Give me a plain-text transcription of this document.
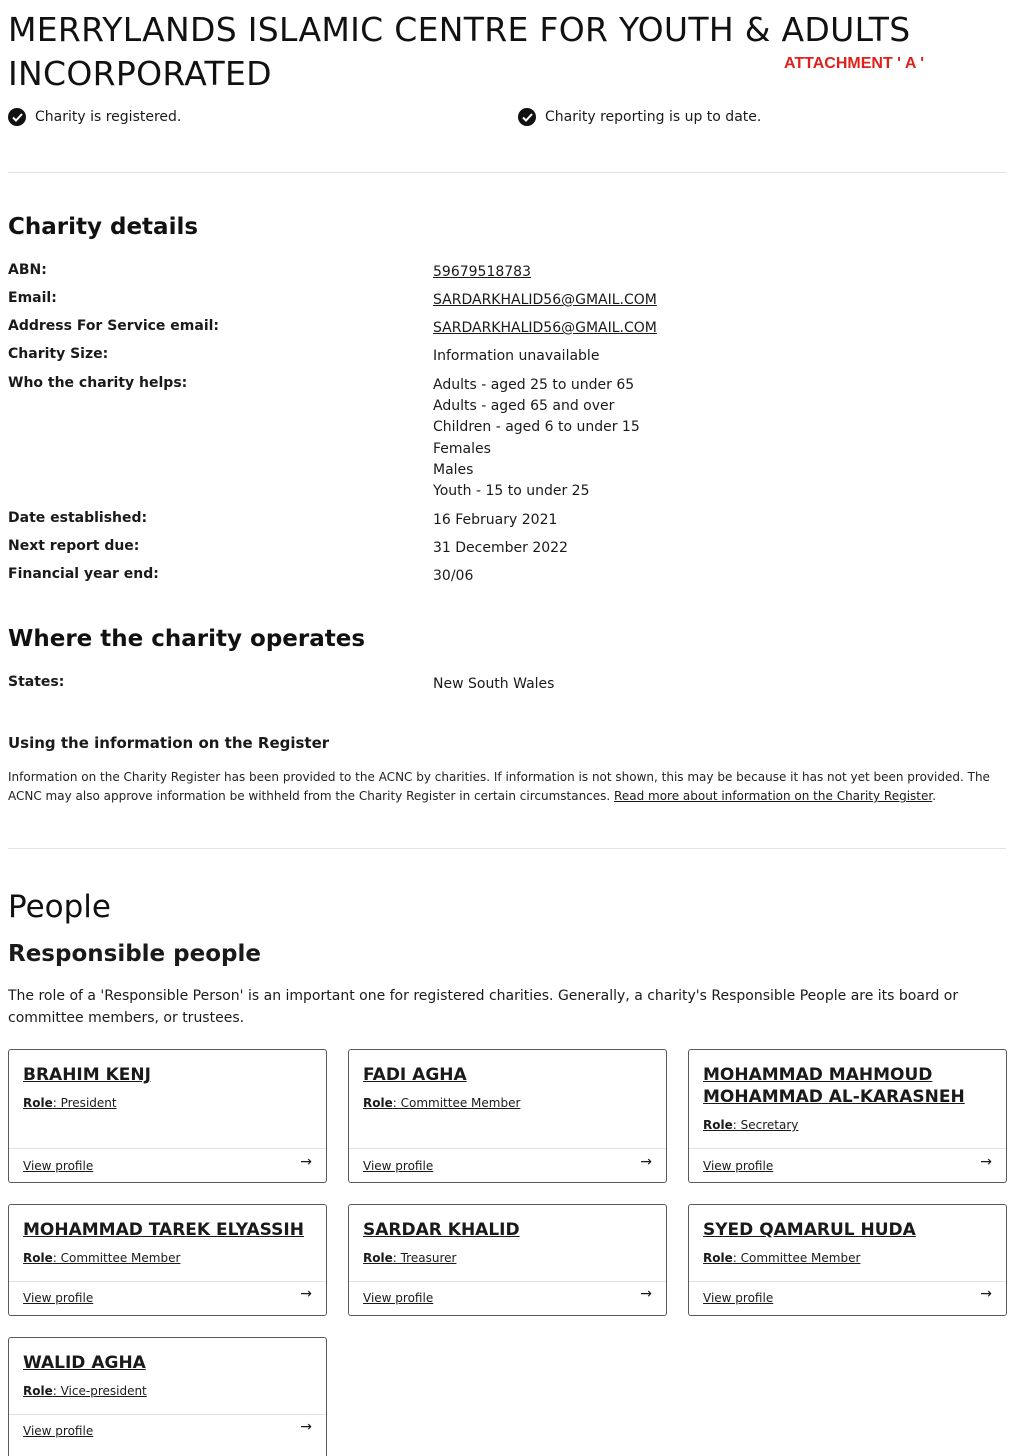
MERRYLANDS ISLAMIC CENTRE FOR YOUTH & ADULTS
INCORPORATED	ATTACHMENT ' A '
Charity is registered.	Charity reporting is up to date.
Charity details
ABN:	59679518783
Email:	SARDARKHALID56@GMAIL.COM
Address For Service email:	SARDARKHALID56@GMAIL.COM
Charity Size:	Information unavailable
Who the charity helps:	Adults - aged 25 to under 65
Adults - aged 65 and over
Children - aged 6 to under 15
Females
Males
Youth - 15 to under 25
Date established:	16 February 2021
Next report due:	31 December 2022
Financial year end:	30/06
Where the charity operates
States:	New South Wales
Using the information on the Register
Information on the Charity Register has been provided to the ACNC by charities. If information is not shown, this may be because it has not yet been provided. The ACNC may also approve information be withheld from the Charity Register in certain circumstances. Read more about information on the Charity Register.
People
Responsible people
The role of a 'Responsible Person' is an important one for registered charities. Generally, a charity's Responsible People are its board or committee members, or trustees.
BRAHIM KENJ
Role: President
View profile	→
FADI AGHA
Role: Committee Member
View profile	→
MOHAMMAD MAHMOUD MOHAMMAD AL-KARASNEH
Role: Secretary
View profile	→
MOHAMMAD TAREK ELYASSIH
Role: Committee Member
View profile	→
SARDAR KHALID
Role: Treasurer
View profile	→
SYED QAMARUL HUDA
Role: Committee Member
View profile	→
WALID AGHA
Role: Vice-president
View profile	→
